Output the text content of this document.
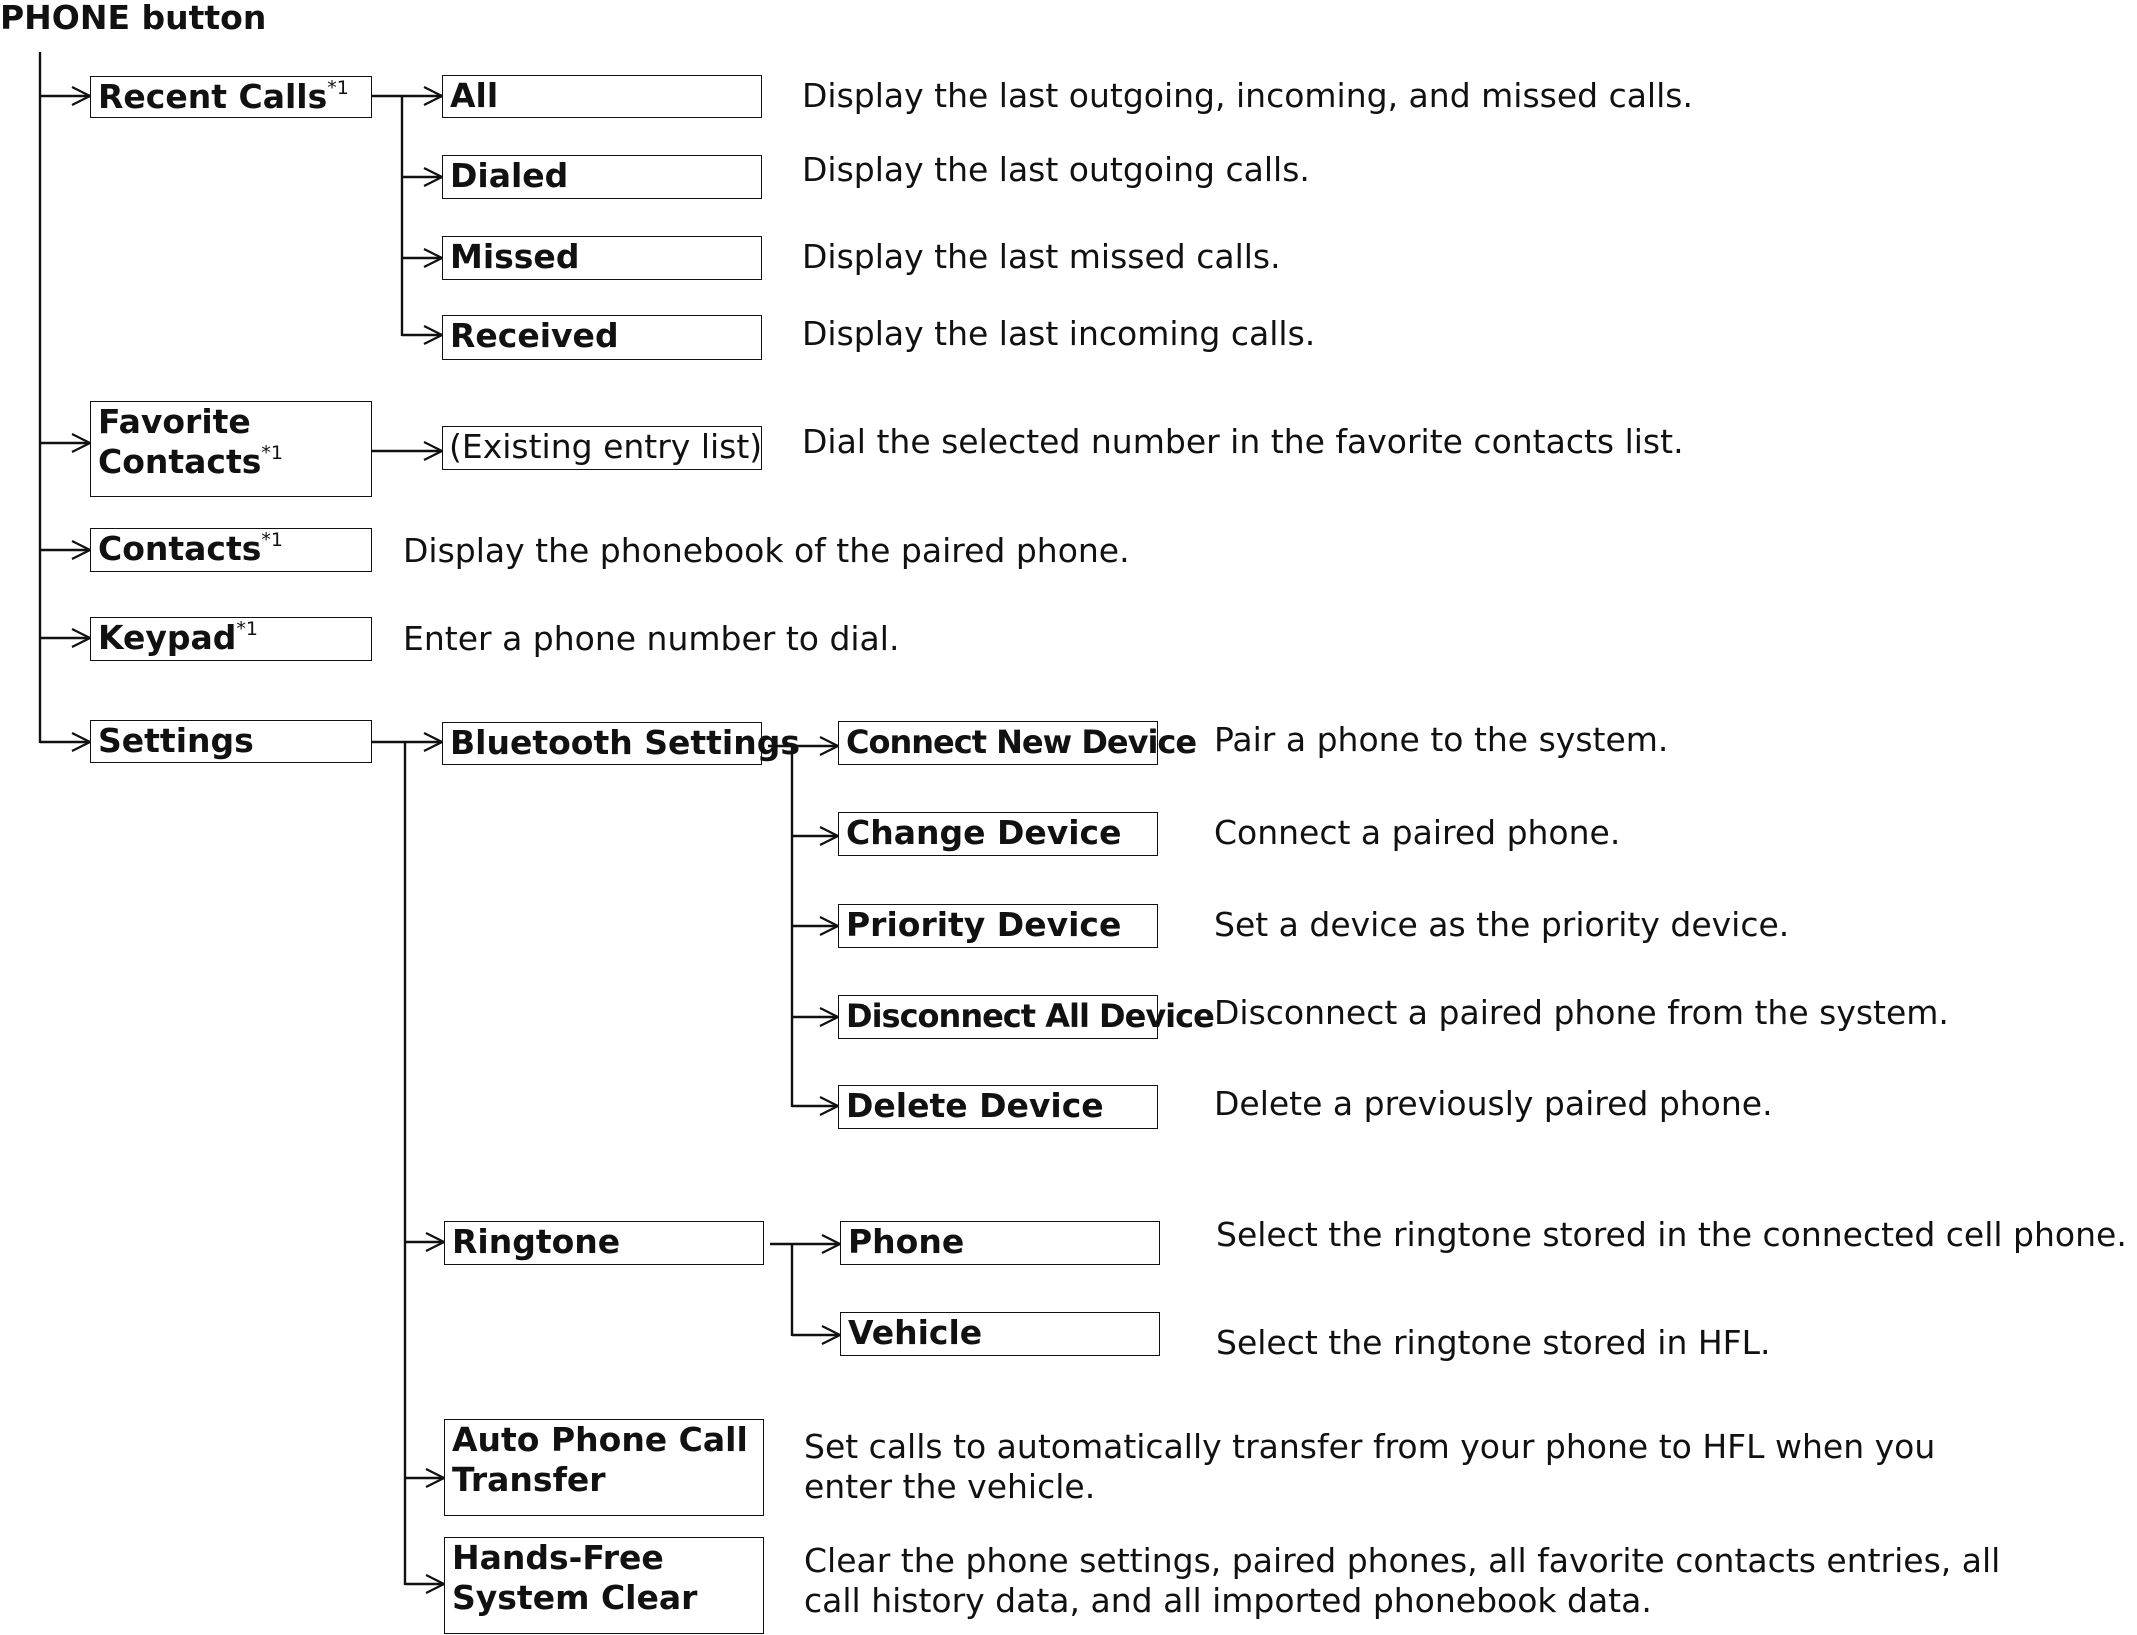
PHONE button
Recent Calls$^{*1}$
Favorite
Contacts$^{*1}$
Contacts$^{*1}$
Keypad$^{*1}$
Settings
All
Dialed
Missed
Received
Display the last outgoing, incoming, and missed calls.
Display the last outgoing calls.
Display the last missed calls.
Display the last incoming calls.
(Existing entry list) Dial the selected number in the favorite contacts list.
Display the phonebook of the paired phone.
Enter a phone number to dial.
Bluetooth Settings
Ringtone
Auto Phone Call
Transfer
Hands-Free
System Clear
Set calls to automatically transfer from your phone to HFL when you
enter the vehicle.
Clear the phone settings, paired phones, all favorite contacts entries, all
call history data, and all imported phonebook data.
Connect New Device
Change Device
Priority Device
Disconnect All Device
Delete Device
Pair a phone to the system.
Connect a paired phone.
Set a device as the priority device.
Disconnect a paired phone from the system.
Delete a previously paired phone.
Phone
Vehicle
Select the ringtone stored in the connected cell phone.
Select the ringtone stored in HFL.
